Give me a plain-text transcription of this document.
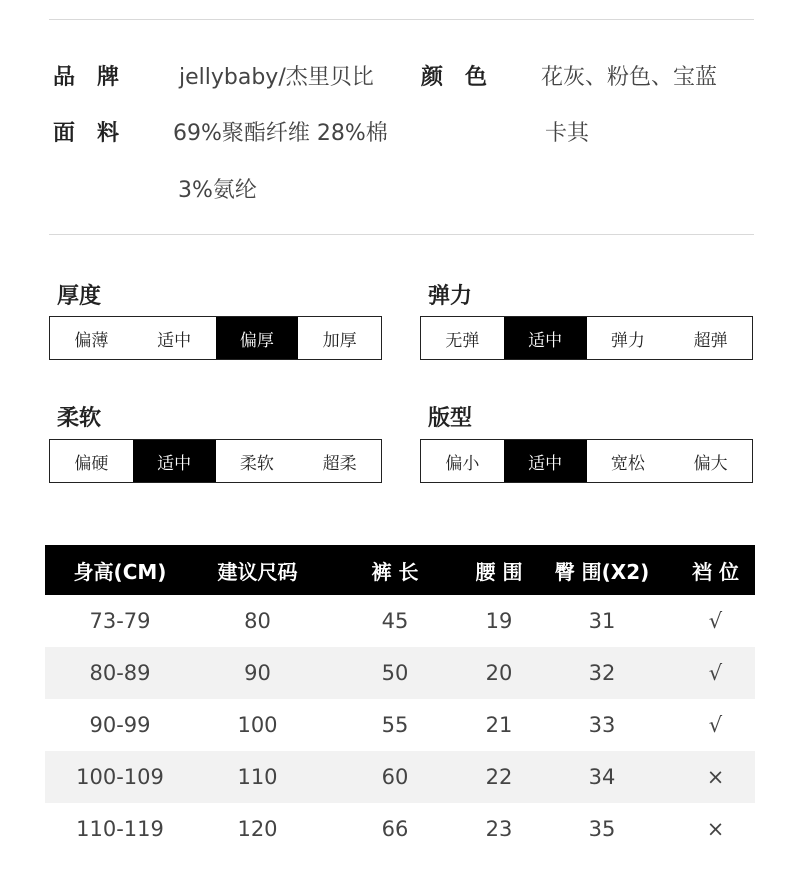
品　牌	jellybaby/杰里贝比 颜　色 花灰、粉色、宝蓝
面　料 69%聚酯纤维 28%棉	卡其
3%氨纶
厚度
偏薄	适中	偏厚	加厚
弹力
无弹	适中	弹力	超弹
柔软
偏硬	适中	柔软	超柔
版型
偏小	适中	宽松	偏大
身高(CM)	建议尺码	裤 长	腰 围	臀 围(X2)	裆 位
73-79	80	45	19	31	√
80-89	90	50	20	32	√
90-99	100	55	21	33	√
100-109	110	60	22	34	×
110-119	120	66	23	35	×
